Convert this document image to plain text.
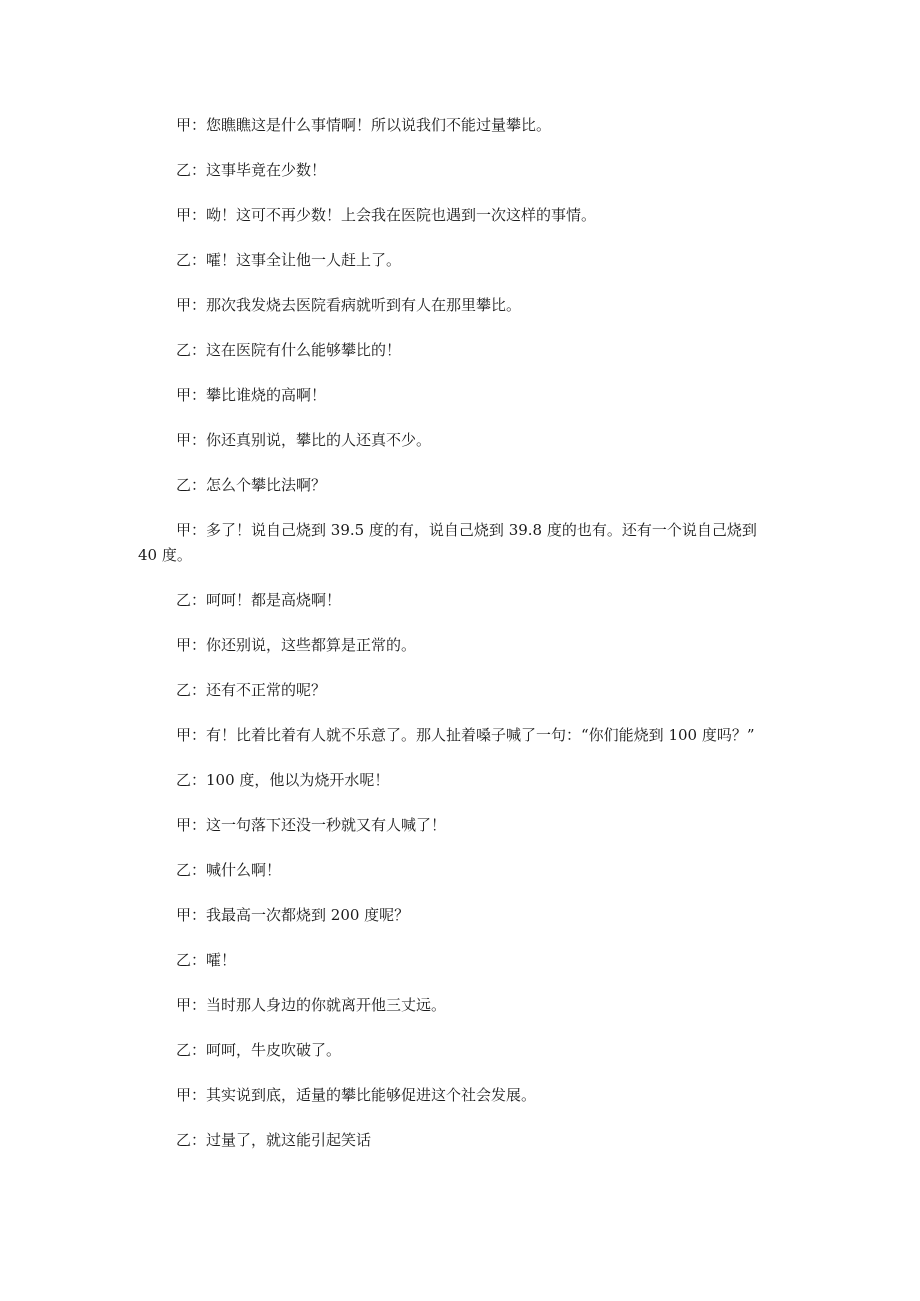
甲：您瞧瞧这是什么事情啊！所以说我们不能过量攀比。
乙：这事毕竟在少数！
甲：呦！这可不再少数！上会我在医院也遇到一次这样的事情。
乙：嚯！这事全让他一人赶上了。
甲：那次我发烧去医院看病就听到有人在那里攀比。
乙：这在医院有什么能够攀比的！
甲：攀比谁烧的高啊！
甲：你还真别说，攀比的人还真不少。
乙：怎么个攀比法啊？
甲：多了！说自己烧到 39.5 度的有，说自己烧到 39.8 度的也有。还有一个说自己烧到
40 度。
乙：呵呵！都是高烧啊！
甲：你还别说，这些都算是正常的。
乙：还有不正常的呢？
甲：有！比着比着有人就不乐意了。那人扯着嗓子喊了一句：“你们能烧到 100 度吗？”
乙：100 度，他以为烧开水呢！
甲：这一句落下还没一秒就又有人喊了！
乙：喊什么啊！
甲：我最高一次都烧到 200 度呢？
乙：嚯！
甲：当时那人身边的你就离开他三丈远。
乙：呵呵，牛皮吹破了。
甲：其实说到底，适量的攀比能够促进这个社会发展。
乙：过量了，就这能引起笑话
